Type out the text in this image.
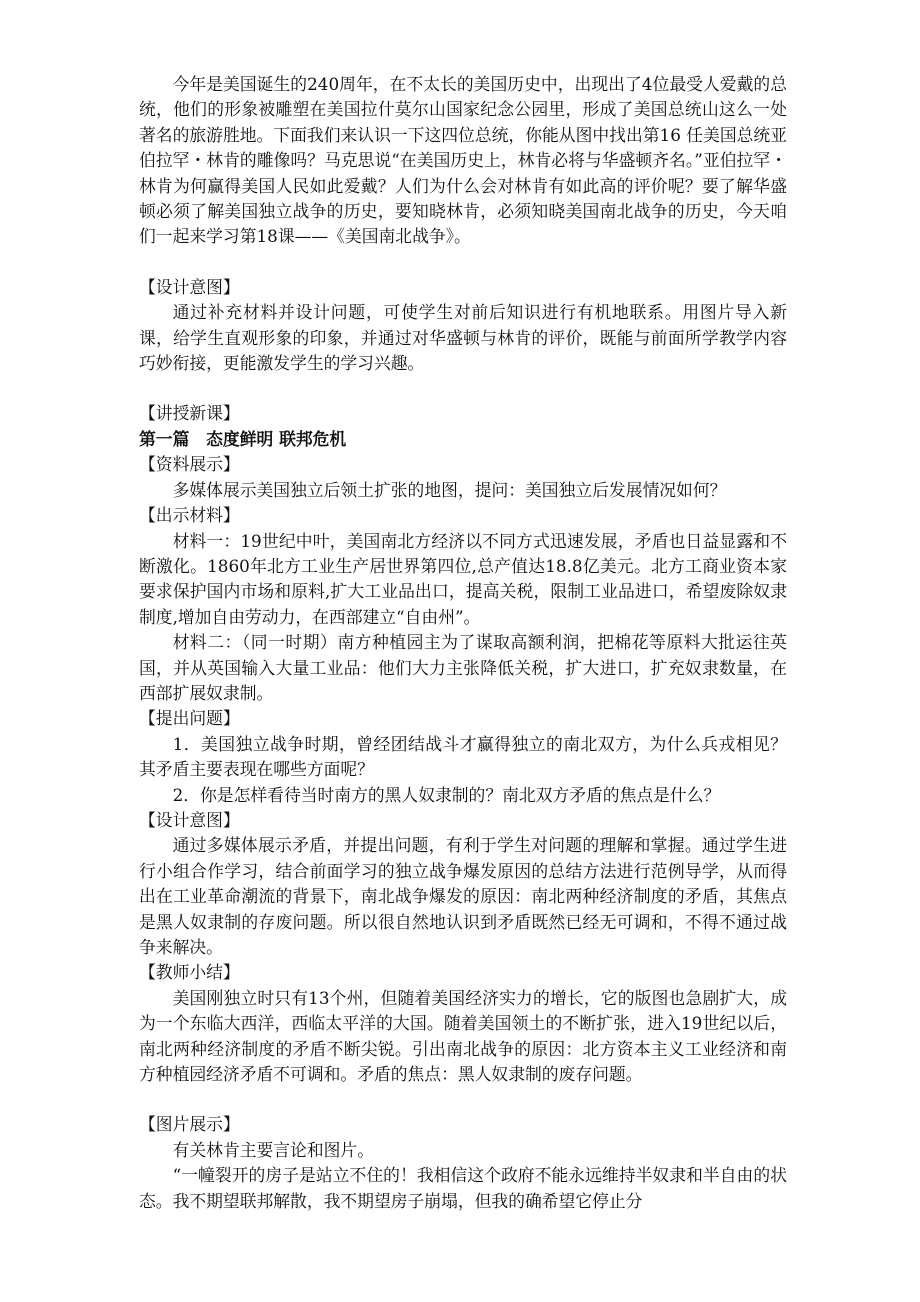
今年是美国诞生的240周年，在不太长的美国历史中，出现出了4位最受人爱戴的总统，他们的形象被雕塑在美国拉什莫尔山国家纪念公园里，形成了美国总统山这么一处著名的旅游胜地。下面我们来认识一下这四位总统，你能从图中找出第16 任美国总统亚伯拉罕・林肯的雕像吗？马克思说“在美国历史上，林肯必将与华盛顿齐名。”亚伯拉罕・林肯为何赢得美国人民如此爱戴？人们为什么会对林肯有如此高的评价呢？要了解华盛顿必须了解美国独立战争的历史，要知晓林肯，必须知晓美国南北战争的历史，今天咱们一起来学习第18课——《美国南北战争》。

【设计意图】

通过补充材料并设计问题，可使学生对前后知识进行有机地联系。用图片导入新课，给学生直观形象的印象，并通过对华盛顿与林肯的评价，既能与前面所学教学内容巧妙衔接，更能激发学生的学习兴趣。

【讲授新课】

第一篇　态度鲜明 联邦危机

【资料展示】

多媒体展示美国独立后领土扩张的地图，提问：美国独立后发展情况如何？

【出示材料】

材料一：19世纪中叶，美国南北方经济以不同方式迅速发展，矛盾也日益显露和不断激化。1860年北方工业生产居世界第四位,总产值达18.8亿美元。北方工商业资本家要求保护国内市场和原料,扩大工业品出口，提高关税，限制工业品进口，希望废除奴隶制度,增加自由劳动力，在西部建立“自由州”。

材料二：（同一时期）南方种植园主为了谋取高额利润，把棉花等原料大批运往英国，并从英国输入大量工业品：他们大力主张降低关税，扩大进口，扩充奴隶数量，在西部扩展奴隶制。

【提出问题】

1．美国独立战争时期，曾经团结战斗才赢得独立的南北双方，为什么兵戎相见？其矛盾主要表现在哪些方面呢？

2．你是怎样看待当时南方的黑人奴隶制的？南北双方矛盾的焦点是什么？

【设计意图】

通过多媒体展示矛盾，并提出问题，有利于学生对问题的理解和掌握。通过学生进行小组合作学习，结合前面学习的独立战争爆发原因的总结方法进行范例导学，从而得出在工业革命潮流的背景下，南北战争爆发的原因：南北两种经济制度的矛盾，其焦点是黑人奴隶制的存废问题。所以很自然地认识到矛盾既然已经无可调和，不得不通过战争来解决。

【教师小结】

美国刚独立时只有13个州，但随着美国经济实力的增长，它的版图也急剧扩大，成为一个东临大西洋，西临太平洋的大国。随着美国领土的不断扩张，进入19世纪以后，南北两种经济制度的矛盾不断尖锐。引出南北战争的原因：北方资本主义工业经济和南方种植园经济矛盾不可调和。矛盾的焦点：黑人奴隶制的废存问题。

【图片展示】

有关林肯主要言论和图片。

“一幢裂开的房子是站立不住的！我相信这个政府不能永远维持半奴隶和半自由的状态。我不期望联邦解散，我不期望房子崩塌，但我的确希望它停止分
